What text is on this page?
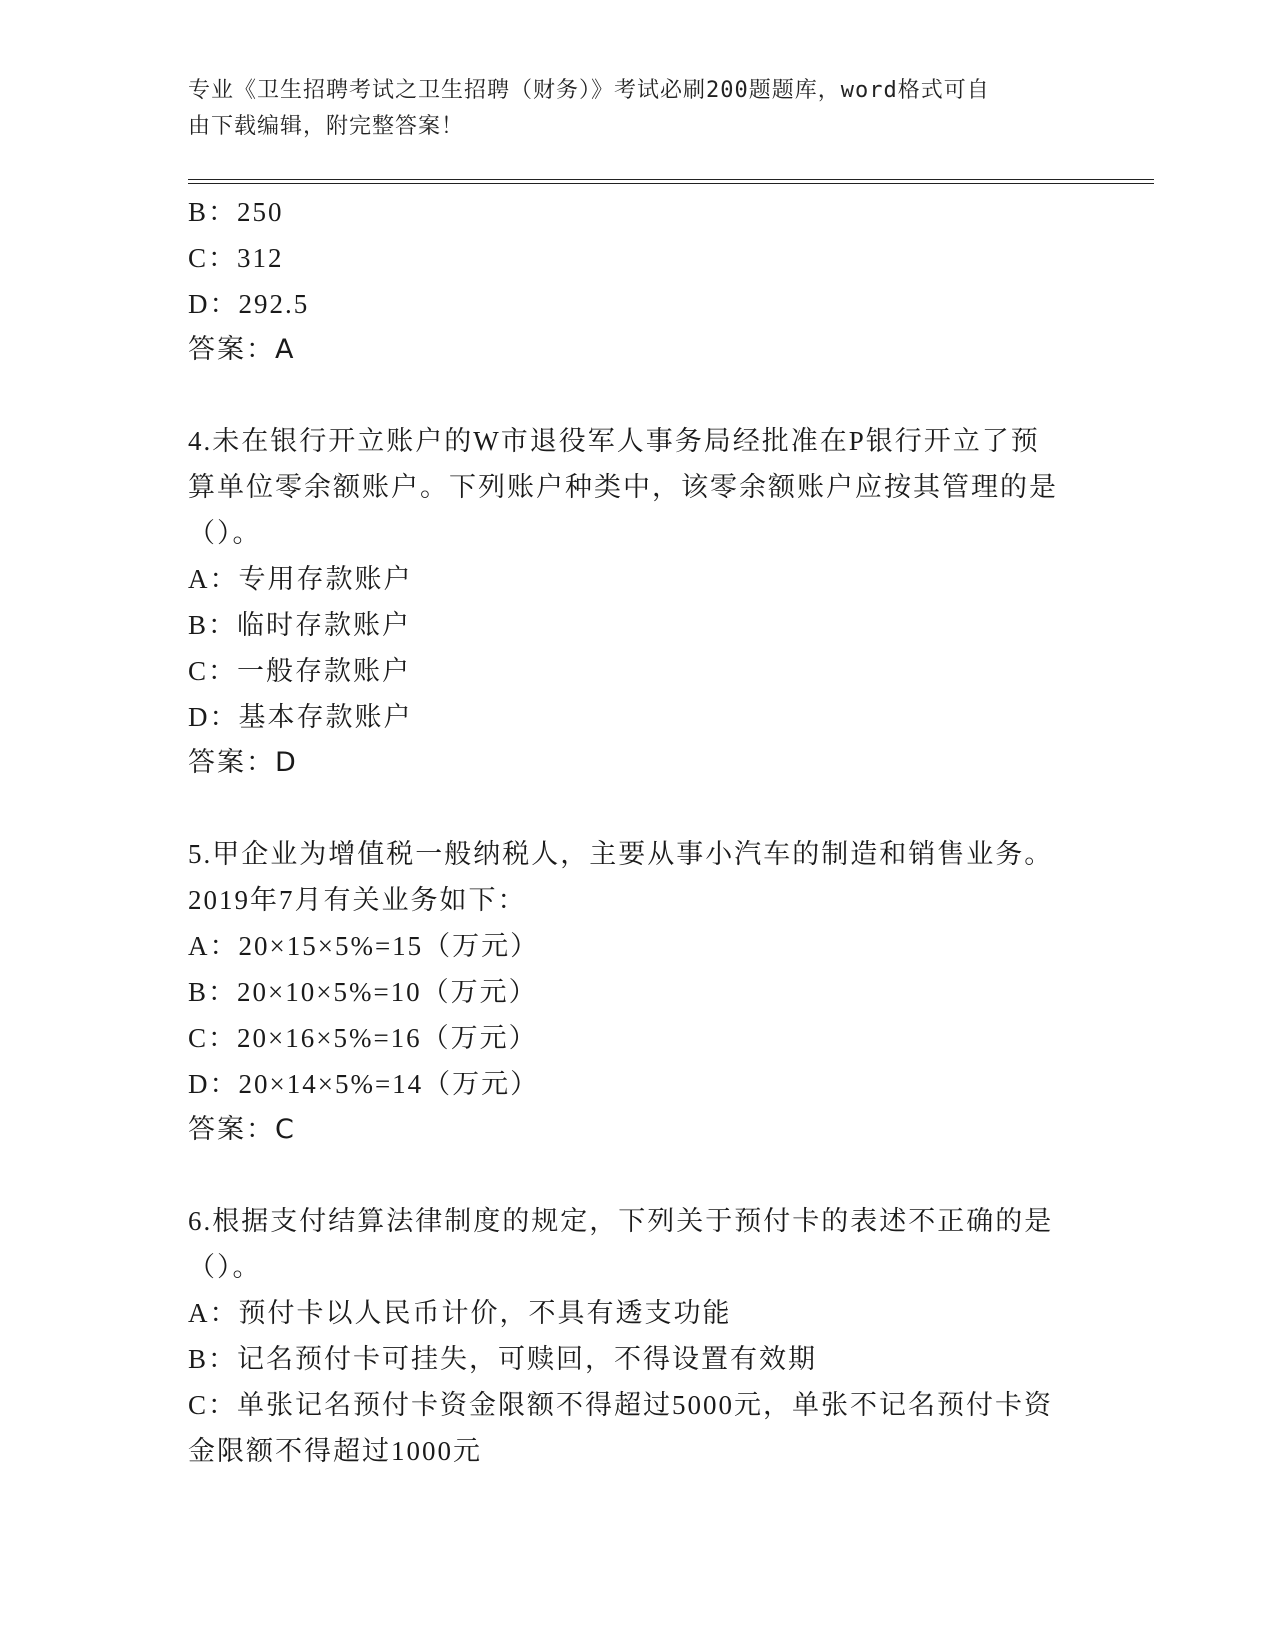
专业《卫生招聘考试之卫生招聘（财务）》考试必刷200题题库，word格式可自
由下载编辑，附完整答案！
B：250
C：312
D：292.5
答案：A
4.未在银行开立账户的W市退役军人事务局经批准在P银行开立了预
算单位零余额账户。下列账户种类中，该零余额账户应按其管理的是
（）。
A：专用存款账户
B：临时存款账户
C：一般存款账户
D：基本存款账户
答案：D
5.甲企业为增值税一般纳税人，主要从事小汽车的制造和销售业务。
2019年7月有关业务如下：
A：20×15×5%=15（万元）
B：20×10×5%=10（万元）
C：20×16×5%=16（万元）
D：20×14×5%=14（万元）
答案：C
6.根据支付结算法律制度的规定，下列关于预付卡的表述不正确的是
（）。
A：预付卡以人民币计价，不具有透支功能
B：记名预付卡可挂失，可赎回，不得设置有效期
C：单张记名预付卡资金限额不得超过5000元，单张不记名预付卡资
金限额不得超过1000元
